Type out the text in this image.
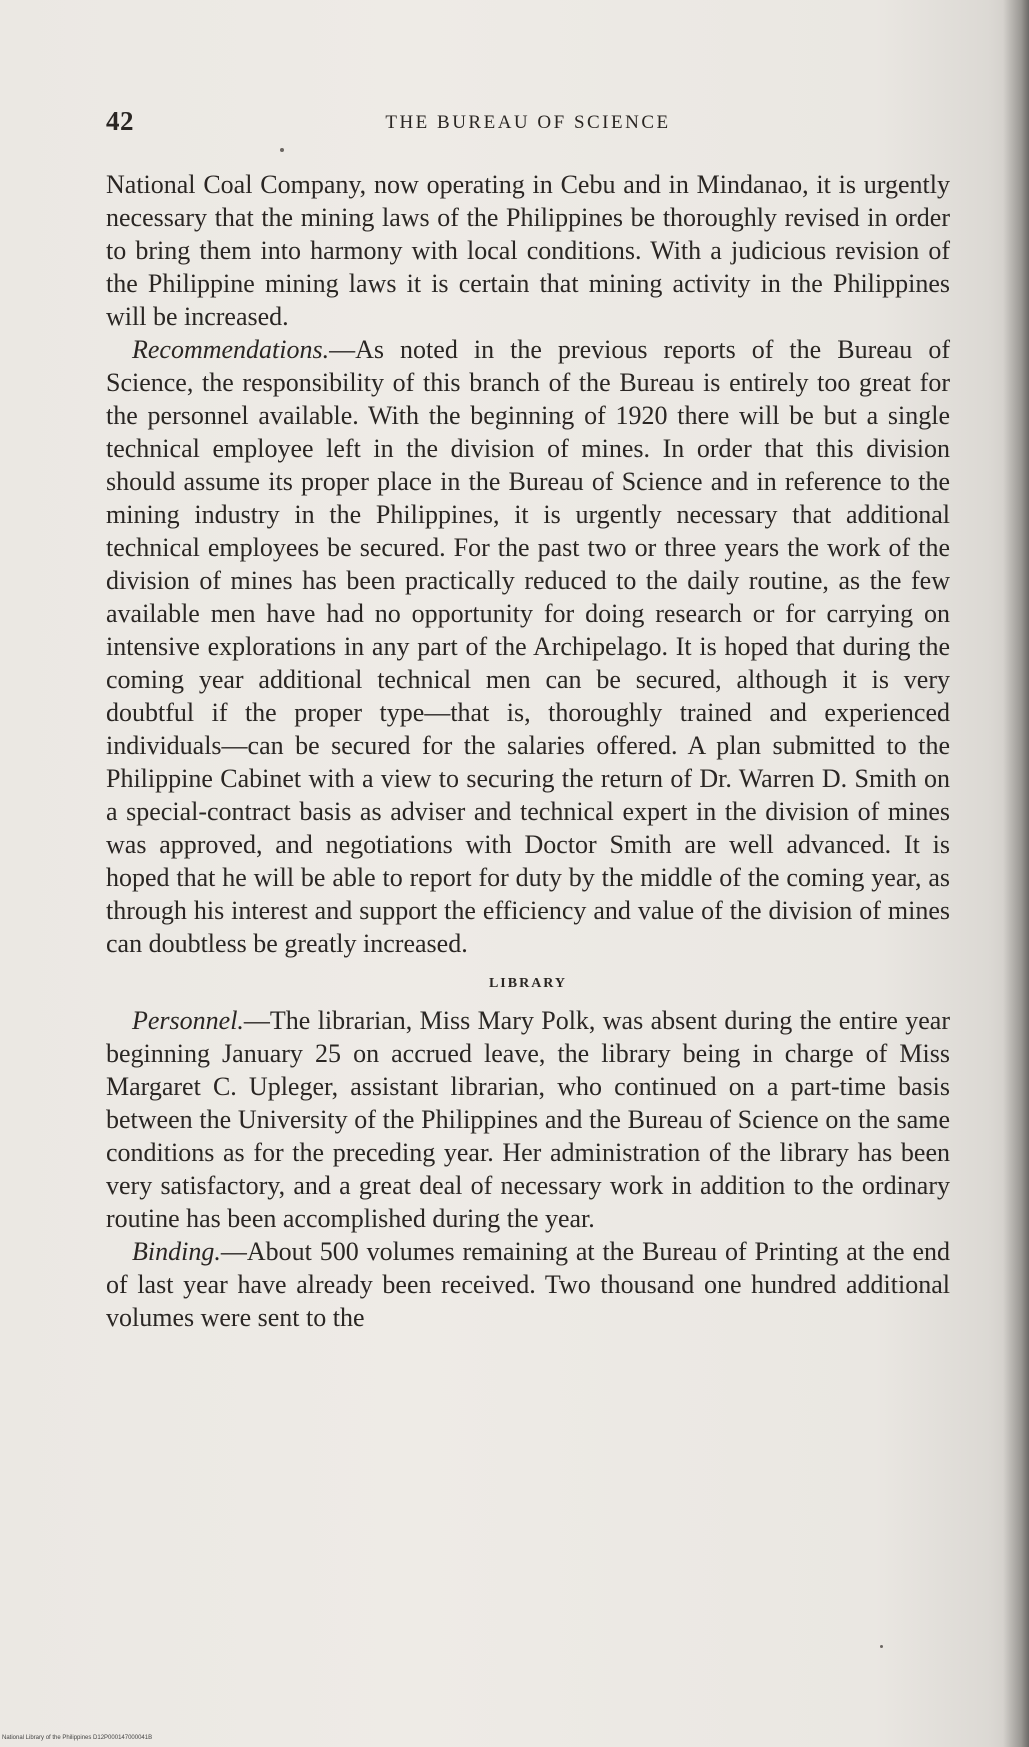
42	THE BUREAU OF SCIENCE

National Coal Company, now operating in Cebu and in Mindanao, it is urgently necessary that the mining laws of the Philippines be thoroughly revised in order to bring them into harmony with local conditions. With a judicious revision of the Philippine mining laws it is certain that mining activity in the Philippines will be increased.

Recommendations.—As noted in the previous reports of the Bureau of Science, the responsibility of this branch of the Bureau is entirely too great for the personnel available. With the beginning of 1920 there will be but a single technical employee left in the division of mines. In order that this division should assume its proper place in the Bureau of Science and in reference to the mining industry in the Philippines, it is urgently necessary that additional technical employees be secured. For the past two or three years the work of the division of mines has been practically reduced to the daily routine, as the few available men have had no opportunity for doing research or for carrying on intensive explorations in any part of the Archipelago. It is hoped that during the coming year additional technical men can be secured, although it is very doubtful if the proper type—that is, thoroughly trained and experienced individuals—can be secured for the salaries offered. A plan submitted to the Philippine Cabinet with a view to securing the return of Dr. Warren D. Smith on a special-contract basis as adviser and technical expert in the division of mines was approved, and negotiations with Doctor Smith are well advanced. It is hoped that he will be able to report for duty by the middle of the coming year, as through his interest and support the efficiency and value of the division of mines can doubtless be greatly increased.

LIBRARY

Personnel.—The librarian, Miss Mary Polk, was absent during the entire year beginning January 25 on accrued leave, the library being in charge of Miss Margaret C. Upleger, assistant librarian, who continued on a part-time basis between the University of the Philippines and the Bureau of Science on the same conditions as for the preceding year. Her administration of the library has been very satisfactory, and a great deal of necessary work in addition to the ordinary routine has been accomplished during the year.

Binding.—About 500 volumes remaining at the Bureau of Printing at the end of last year have already been received. Two thousand one hundred additional volumes were sent to the

National Library of the Philippines D12P000147000041B
